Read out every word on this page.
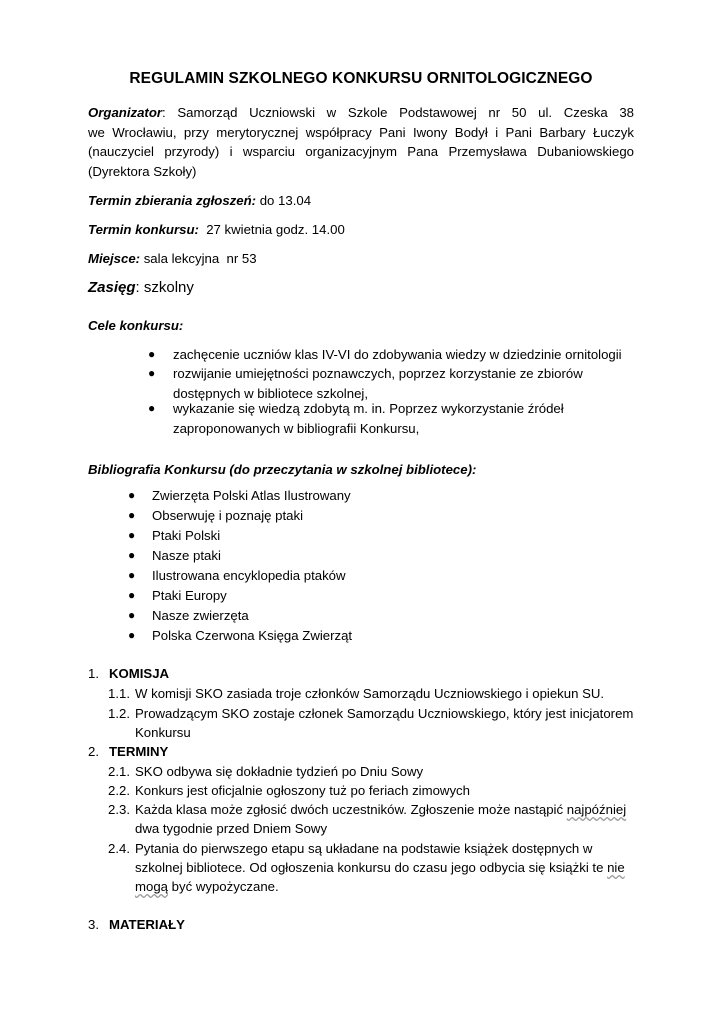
REGULAMIN SZKOLNEGO KONKURSU ORNITOLOGICZNEGO
Organizator: Samorząd Uczniowski w Szkole Podstawowej nr 50 ul. Czeska 38
we Wrocławiu, przy merytorycznej współpracy Pani Iwony Bodył i Pani Barbary Łuczyk
(nauczyciel przyrody) i wsparciu organizacyjnym Pana Przemysława Dubaniowskiego
(Dyrektora Szkoły)
Termin zbierania zgłoszeń: do 13.04
Termin konkursu:  27 kwietnia godz. 14.00
Miejsce: sala lekcyjna  nr 53
Zasięg: szkolny
Cele konkursu:
● zachęcenie uczniów klas IV-VI do zdobywania wiedzy w dziedzinie ornitologii
● rozwijanie umiejętności poznawczych, poprzez korzystanie ze zbiorów
dostępnych w bibliotece szkolnej,
● wykazanie się wiedzą zdobytą m. in. Poprzez wykorzystanie źródeł
zaproponowanych w bibliografii Konkursu,
Bibliografia Konkursu (do przeczytania w szkolnej bibliotece):
● Zwierzęta Polski Atlas Ilustrowany
● Obserwuję i poznaję ptaki
● Ptaki Polski
● Nasze ptaki
● Ilustrowana encyklopedia ptaków
● Ptaki Europy
● Nasze zwierzęta
● Polska Czerwona Księga Zwierząt
1. KOMISJA
1.1. W komisji SKO zasiada troje członków Samorządu Uczniowskiego i opiekun SU.
1.2. Prowadzącym SKO zostaje członek Samorządu Uczniowskiego, który jest inicjatorem
Konkursu
2. TERMINY
2.1. SKO odbywa się dokładnie tydzień po Dniu Sowy
2.2. Konkurs jest oficjalnie ogłoszony tuż po feriach zimowych
2.3. Każda klasa może zgłosić dwóch uczestników. Zgłoszenie może nastąpić najpóźniej
dwa tygodnie przed Dniem Sowy
2.4. Pytania do pierwszego etapu są układane na podstawie książek dostępnych w
szkolnej bibliotece. Od ogłoszenia konkursu do czasu jego odbycia się książki te nie
mogą być wypożyczane.
3. MATERIAŁY
